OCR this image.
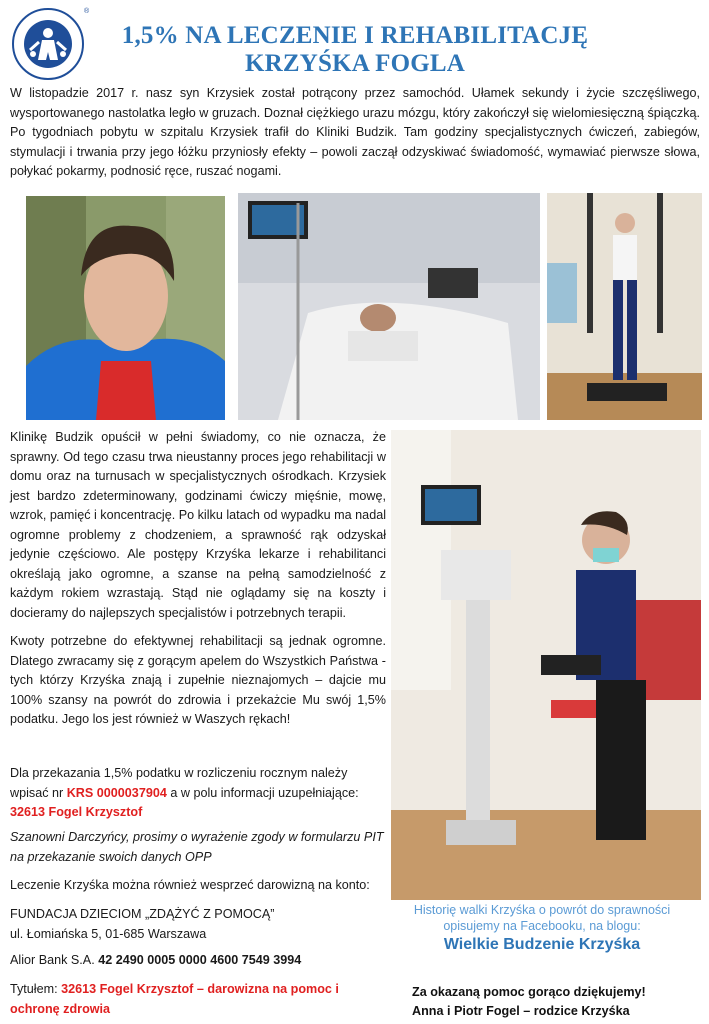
®
1,5% NA LECZENIE I REHABILITACJĘ
KRZYŚKA FOGLA

W listopadzie 2017 r. nasz syn Krzysiek został potrącony przez samochód. Ułamek sekundy i życie szczęśliwego, wysportowanego nastolatka legło w gruzach. Doznał ciężkiego urazu mózgu, który zakończył się wielomiesięczną śpiączką. Po tygodniach pobytu w szpitalu Krzysiek trafił do Kliniki Budzik. Tam godziny specjalistycznych ćwiczeń, zabiegów, stymulacji i trwania przy jego łóżku przyniosły efekty – powoli zaczął odzyskiwać świadomość, wymawiać pierwsze słowa, połykać pokarmy, podnosić ręce, ruszać nogami.

Klinikę Budzik opuścił w pełni świadomy, co nie oznacza, że sprawny. Od tego czasu trwa nieustanny proces jego rehabilitacji w domu oraz na turnusach w specjalistycznych ośrodkach. Krzysiek jest bardzo zdeterminowany, godzinami ćwiczy mięśnie, mowę, wzrok, pamięć i koncentrację. Po kilku latach od wypadku ma nadal ogromne problemy z chodzeniem, a sprawność rąk odzyskał jedynie częściowo. Ale postępy Krzyśka lekarze i rehabilitanci określają jako ogromne, a szanse na pełną samodzielność z każdym rokiem wzrastają. Stąd nie oglądamy się na koszty i docieramy do najlepszych specjalistów i potrzebnych terapii.

Kwoty potrzebne do efektywnej rehabilitacji są jednak ogromne. Dlatego zwracamy się z gorącym apelem do Wszystkich Państwa - tych którzy Krzyśka znają i zupełnie nieznajomych – dajcie mu 100% szansy na powrót do zdrowia i przekażcie Mu swój 1,5% podatku. Jego los jest również w Waszych rękach!

Dla przekazania 1,5% podatku w rozliczeniu rocznym należy wpisać nr KRS 0000037904 a w polu informacji uzupełniające:
32613 Fogel Krzysztof

Szanowni Darczyńcy, prosimy o wyrażenie zgody w formularzu PIT na przekazanie swoich danych OPP

Leczenie Krzyśka można również wesprzeć darowizną na konto:

FUNDACJA DZIECIOM „ZDĄŻYĆ Z POMOCĄ”
ul. Łomiańska 5, 01-685 Warszawa

Alior Bank S.A. 42 2490 0005 0000 4600 7549 3994

Tytułem: 32613 Fogel Krzysztof – darowizna na pomoc i ochronę zdrowia

Historię walki Krzyśka o powrót do sprawności opisujemy na Facebooku, na blogu:
Wielkie Budzenie Krzyśka
Za okazaną pomoc gorąco dziękujemy!
Anna i Piotr Fogel – rodzice Krzyśka
